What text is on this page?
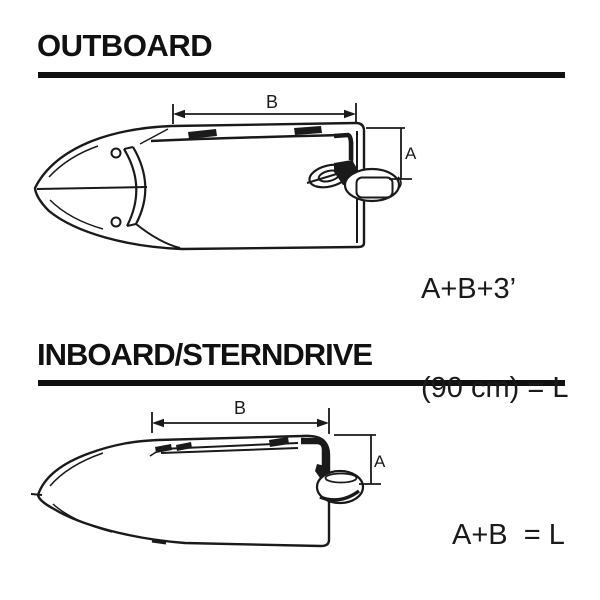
OUTBOARD
INBOARD/STERNDRIVE
B
A
B
A

A+B+3’

(90 cm) = L

A+B  = L
